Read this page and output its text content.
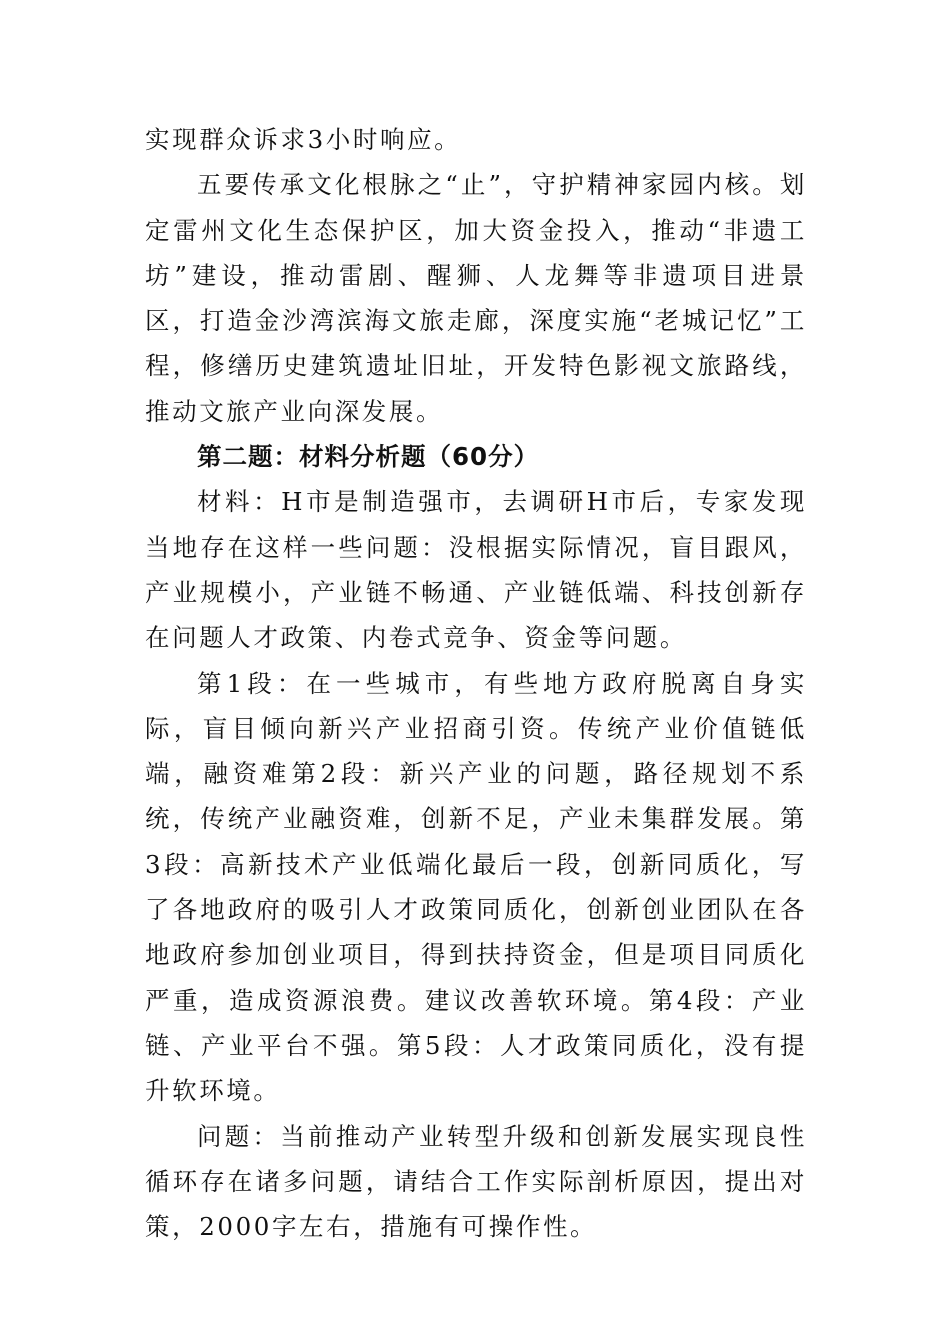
实现群众诉求3小时响应。

五要传承文化根脉之“止”，守护精神家园内核。划定雷州文化生态保护区，加大资金投入，推动“非遗工坊”建设，推动雷剧、醒狮、人龙舞等非遗项目进景区，打造金沙湾滨海文旅走廊，深度实施“老城记忆”工程，修缮历史建筑遗址旧址，开发特色影视文旅路线，推动文旅产业向深发展。

第二题：材料分析题（60分）

材料：H市是制造强市，去调研H市后，专家发现当地存在这样一些问题：没根据实际情况，盲目跟风，产业规模小，产业链不畅通、产业链低端、科技创新存在问题人才政策、内卷式竞争、资金等问题。

第1段：在一些城市，有些地方政府脱离自身实际，盲目倾向新兴产业招商引资。传统产业价值链低端，融资难第2段：新兴产业的问题，路径规划不系统，传统产业融资难，创新不足，产业未集群发展。第3段：高新技术产业低端化最后一段，创新同质化，写了各地政府的吸引人才政策同质化，创新创业团队在各地政府参加创业项目，得到扶持资金，但是项目同质化严重，造成资源浪费。建议改善软环境。第4段：产业链、产业平台不强。第5段：人才政策同质化，没有提升软环境。

问题：当前推动产业转型升级和创新发展实现良性循环存在诸多问题，请结合工作实际剖析原因，提出对策，2000字左右，措施有可操作性。
